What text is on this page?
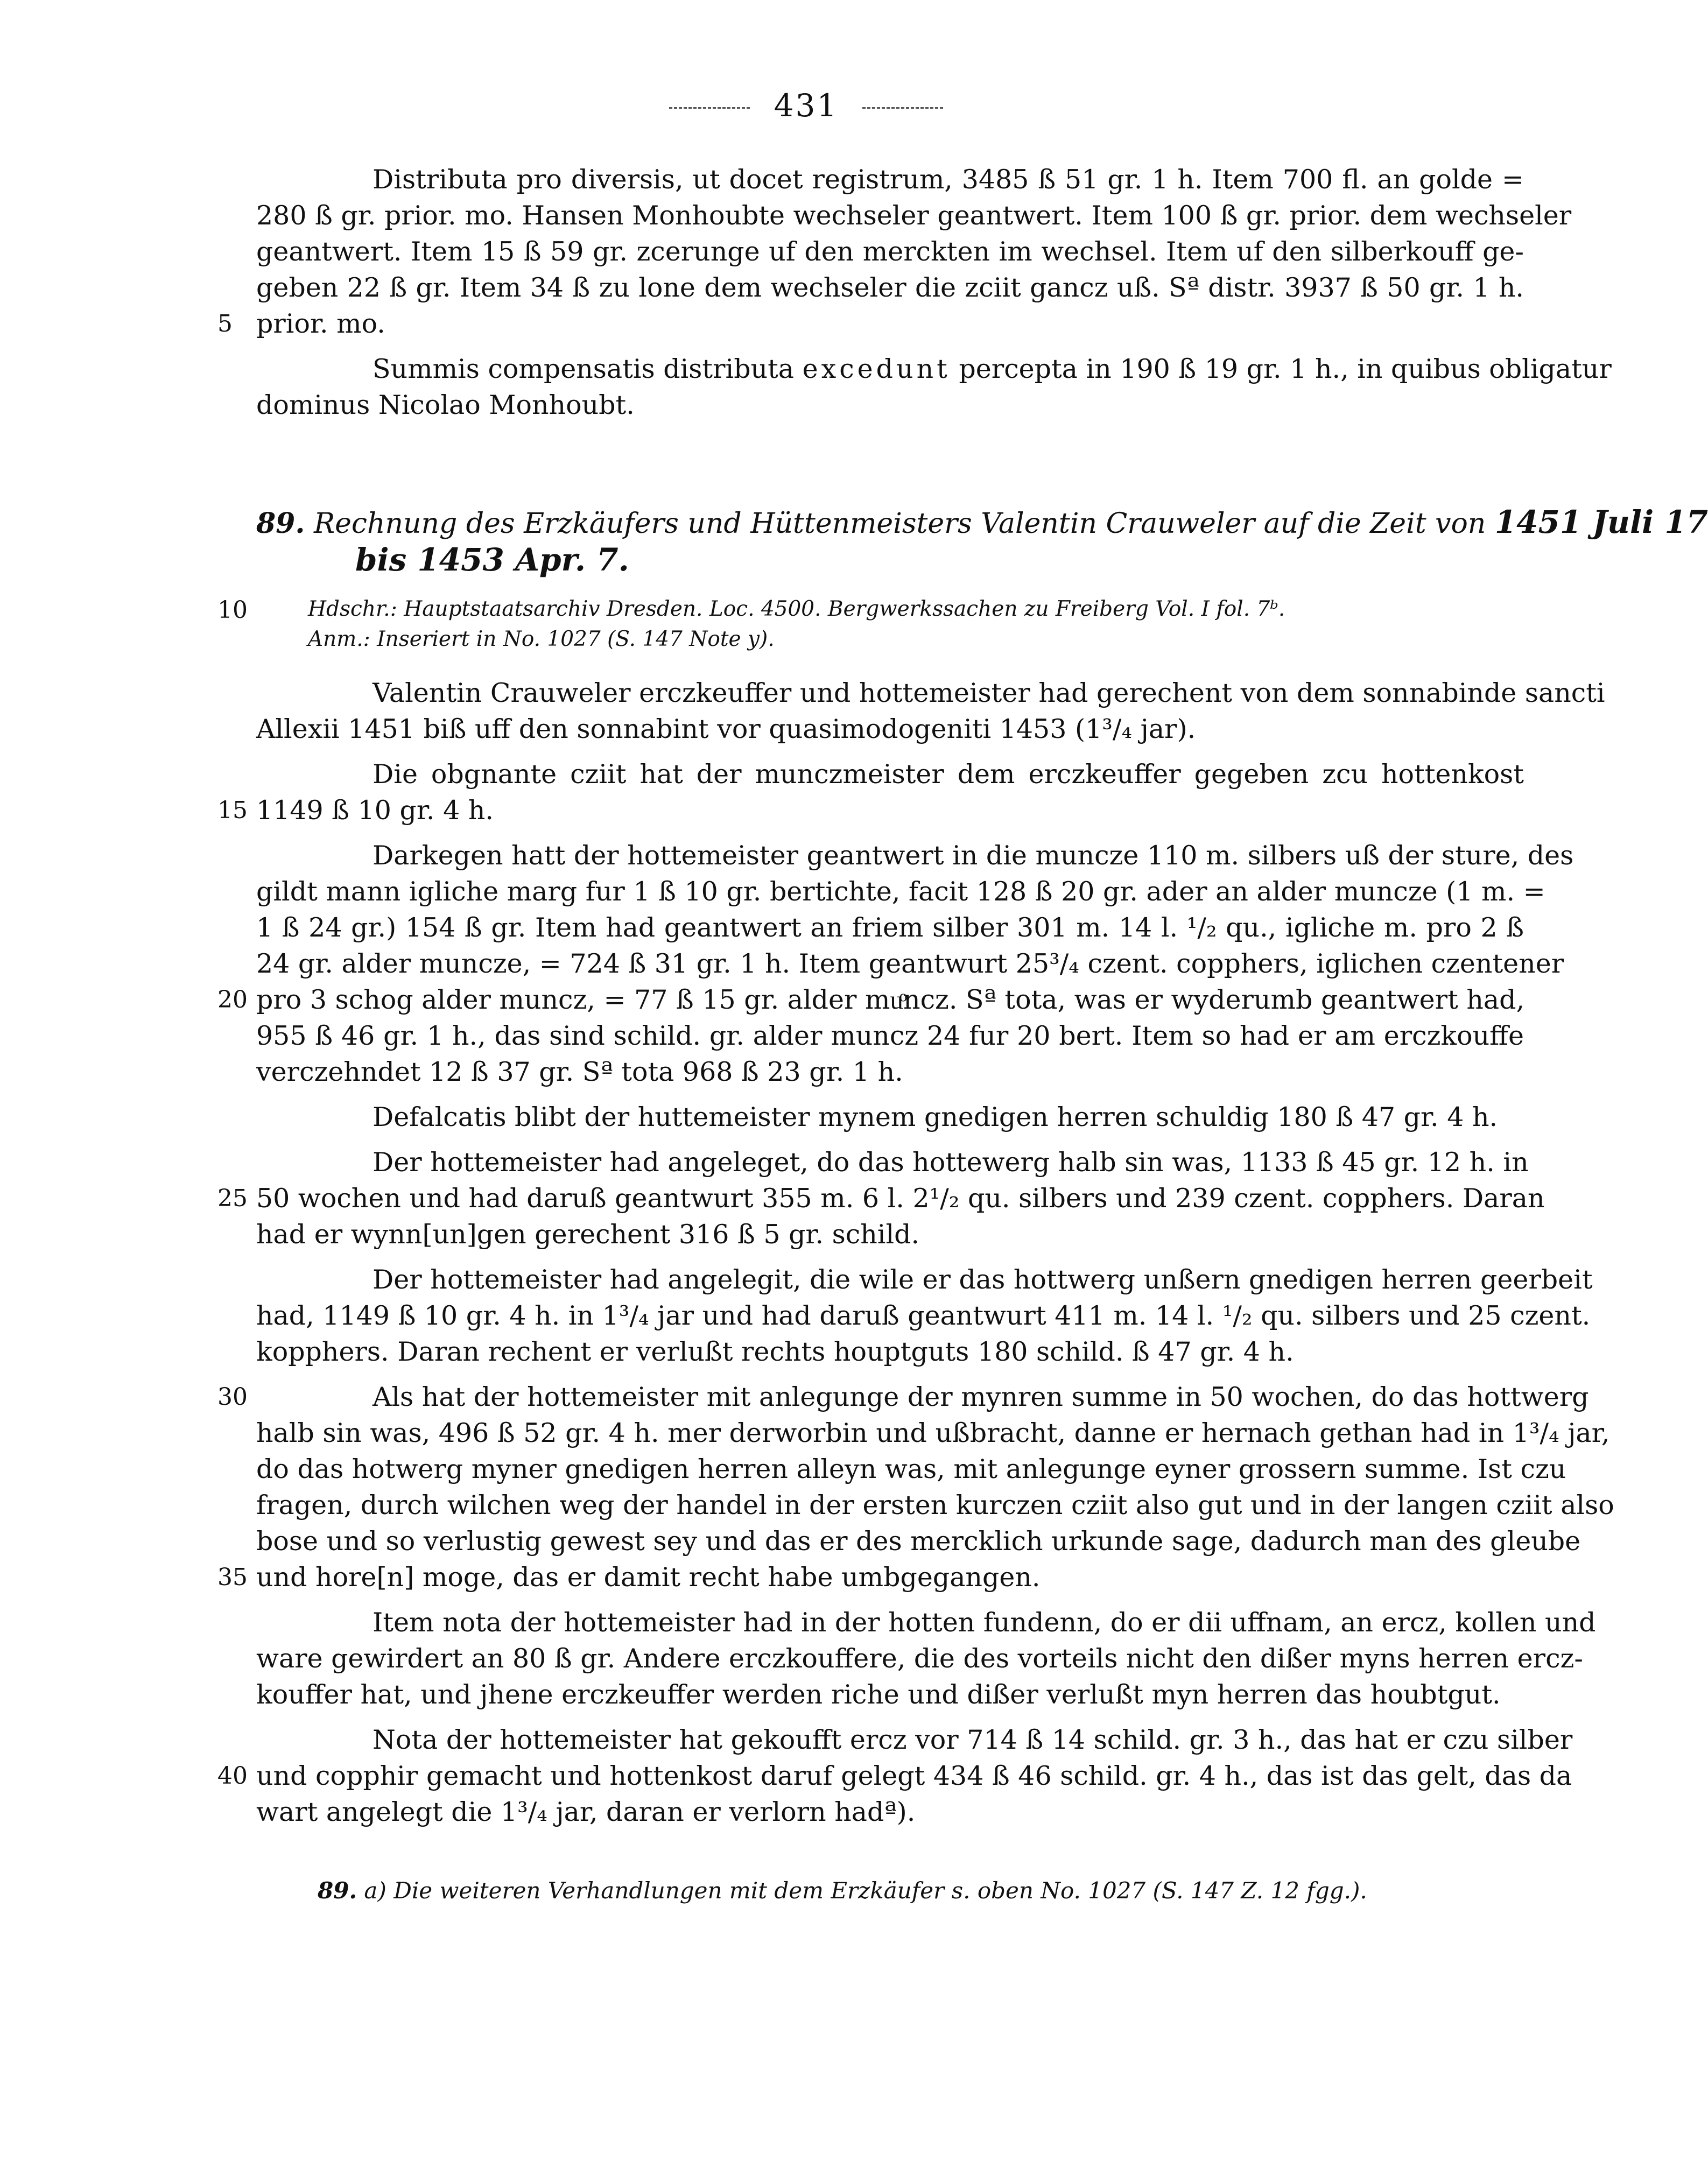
431
Distributa pro diversis, ut docet registrum, 3485 ß 51 gr. 1 h. Item 700 fl. an golde =
280 ß gr. prior. mo. Hansen Monhoubte wechseler geantwert. Item 100 ß gr. prior. dem wechseler
geantwert. Item 15 ß 59 gr. zcerunge uf den merckten im wechsel. Item uf den silberkouff ge-
geben 22 ß gr. Item 34 ß zu lone dem wechseler die zciit gancz uß. Sª distr. 3937 ß 50 gr. 1 h.
5 prior. mo.
Summis compensatis distributa excedunt percepta in 190 ß 19 gr. 1 h., in quibus obligatur
dominus Nicolao Monhoubt.
89. Rechnung des Erzkäufers und Hüttenmeisters Valentin Crauweler auf die Zeit von 1451 Juli 17
bis 1453 Apr. 7.
10	Hdschr.: Hauptstaatsarchiv Dresden. Loc. 4500. Bergwerkssachen zu Freiberg Vol. I fol. 7ᵇ.
Anm.: Inseriert in No. 1027 (S. 147 Note y).
Valentin Crauweler erczkeuffer und hottemeister had gerechent von dem sonnabinde sancti
Allexii 1451 biß uff den sonnabint vor quasimodogeniti 1453 (1³/₄ jar).
Die obgnante cziit hat der munczmeister dem erczkeuffer gegeben zcu hottenkost
15 1149 ß 10 gr. 4 h.
Darkegen hatt der hottemeister geantwert in die muncze 110 m. silbers uß der sture, des
gildt mann igliche marg fur 1 ß 10 gr. bertichte, facit 128 ß 20 gr. ader an alder muncze (1 m. =
1 ß 24 gr.) 154 ß gr. Item had geantwert an friem silber 301 m. 14 l. ¹/₂ qu., igliche m. pro 2 ß
24 gr. alder muncze, = 724 ß 31 gr. 1 h. Item geantwurt 25³/₄ czent. copphers, iglichen czentener
20 pro 3 schog alder muncz, = 77 ß 15 gr. alder muͦncz. Sª tota, was er wyderumb geantwert had,
955 ß 46 gr. 1 h., das sind schild. gr. alder muncz 24 fur 20 bert. Item so had er am erczkouffe
verczehndet 12 ß 37 gr. Sª tota 968 ß 23 gr. 1 h.
Defalcatis blibt der huttemeister mynem gnedigen herren schuldig 180 ß 47 gr. 4 h.
Der hottemeister had angeleget, do das hottewerg halb sin was, 1133 ß 45 gr. 12 h. in
25 50 wochen und had daruß geantwurt 355 m. 6 l. 2¹/₂ qu. silbers und 239 czent. copphers. Daran
had er wynn[un]gen gerechent 316 ß 5 gr. schild.
Der hottemeister had angelegit, die wile er das hottwerg unßern gnedigen herren geerbeit
had, 1149 ß 10 gr. 4 h. in 1³/₄ jar und had daruß geantwurt 411 m. 14 l. ¹/₂ qu. silbers und 25 czent.
kopphers. Daran rechent er verlußt rechts houptguts 180 schild. ß 47 gr. 4 h.
30	Als hat der hottemeister mit anlegunge der mynren summe in 50 wochen, do das hottwerg
halb sin was, 496 ß 52 gr. 4 h. mer derworbin und ußbracht, danne er hernach gethan had in 1³/₄ jar,
do das hotwerg myner gnedigen herren alleyn was, mit anlegunge eyner grossern summe. Ist czu
fragen, durch wilchen weg der handel in der ersten kurczen cziit also gut und in der langen cziit also
bose und so verlustig gewest sey und das er des mercklich urkunde sage, dadurch man des gleube
35 und hore[n] moge, das er damit recht habe umbgegangen.
Item nota der hottemeister had in der hotten fundenn, do er dii uffnam, an ercz, kollen und
ware gewirdert an 80 ß gr. Andere erczkouffere, die des vorteils nicht den dißer myns herren ercz-
kouffer hat, und jhene erczkeuffer werden riche und dißer verlußt myn herren das houbtgut.
Nota der hottemeister hat gekoufft ercz vor 714 ß 14 schild. gr. 3 h., das hat er czu silber
40 und copphir gemacht und hottenkost daruf gelegt 434 ß 46 schild. gr. 4 h., das ist das gelt, das da
wart angelegt die 1³/₄ jar, daran er verlorn hadª).
89. a) Die weiteren Verhandlungen mit dem Erzkäufer s. oben No. 1027 (S. 147 Z. 12 fgg.).
